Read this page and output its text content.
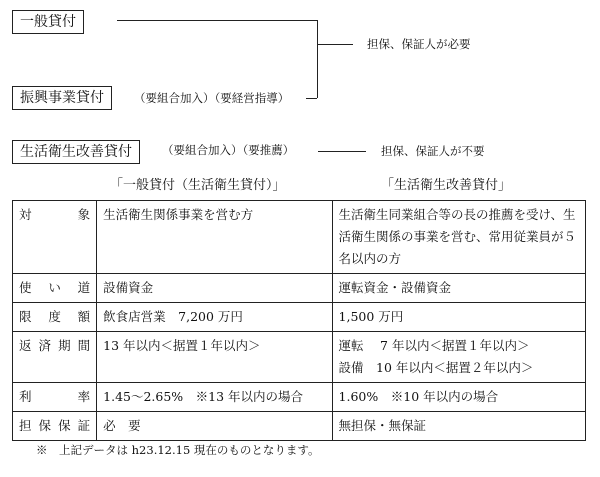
一般貸付
振興事業貸付	（要組合加入）（要経営指導）
担保、保証人が必要
生活衛生改善貸付	（要組合加入）（要推薦）	担保、保証人が不要
「一般貸付（生活衛生貸付）」	「生活衛生改善貸付」
対　象	生活衛生関係事業を営む方	生活衛生同業組合等の長の推薦を受け、生活衛生関係の事業を営む、常用従業員が５名以内の方
使い道	設備資金	運転資金・設備資金
限度額	飲食店営業　7,200 万円	1,500 万円
返済期間	13 年以内＜据置１年以内＞	運転　 7 年以内＜据置１年以内＞
設備　10 年以内＜据置２年以内＞

利　率	1.45～2.65%　※13 年以内の場合	1.60%　※10 年以内の場合
担保保証	必　要	無担保・無保証
※　上記データは h23.12.15 現在のものとなります。
